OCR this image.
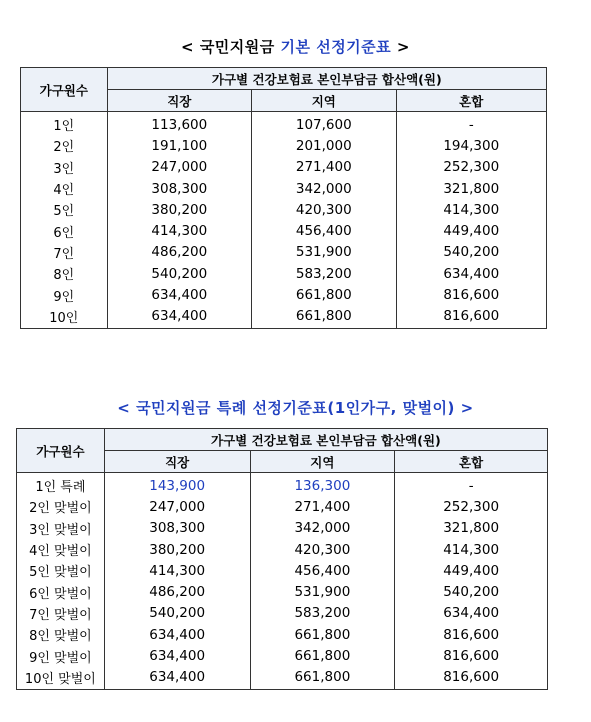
< 국민지원금 기본 선정기준표 >
가구원수	가구별 건강보험료 본인부담금 합산액(원)		
	직장	지역	혼합
1인	113,600	107,600	-
2인	191,100	201,000	194,300
3인	247,000	271,400	252,300
4인	308,300	342,000	321,800
5인	380,200	420,300	414,300
6인	414,300	456,400	449,400
7인	486,200	531,900	540,200
8인	540,200	583,200	634,400
9인	634,400	661,800	816,600
10인	634,400	661,800	816,600
< 국민지원금 특례 선정기준표(1인가구, 맞벌이) >
가구원수	가구별 건강보험료 본인부담금 합산액(원)		
	직장	지역	혼합
1인 특례	143,900	136,300	-
2인 맞벌이	247,000	271,400	252,300
3인 맞벌이	308,300	342,000	321,800
4인 맞벌이	380,200	420,300	414,300
5인 맞벌이	414,300	456,400	449,400
6인 맞벌이	486,200	531,900	540,200
7인 맞벌이	540,200	583,200	634,400
8인 맞벌이	634,400	661,800	816,600
9인 맞벌이	634,400	661,800	816,600
10인 맞벌이	634,400	661,800	816,600
